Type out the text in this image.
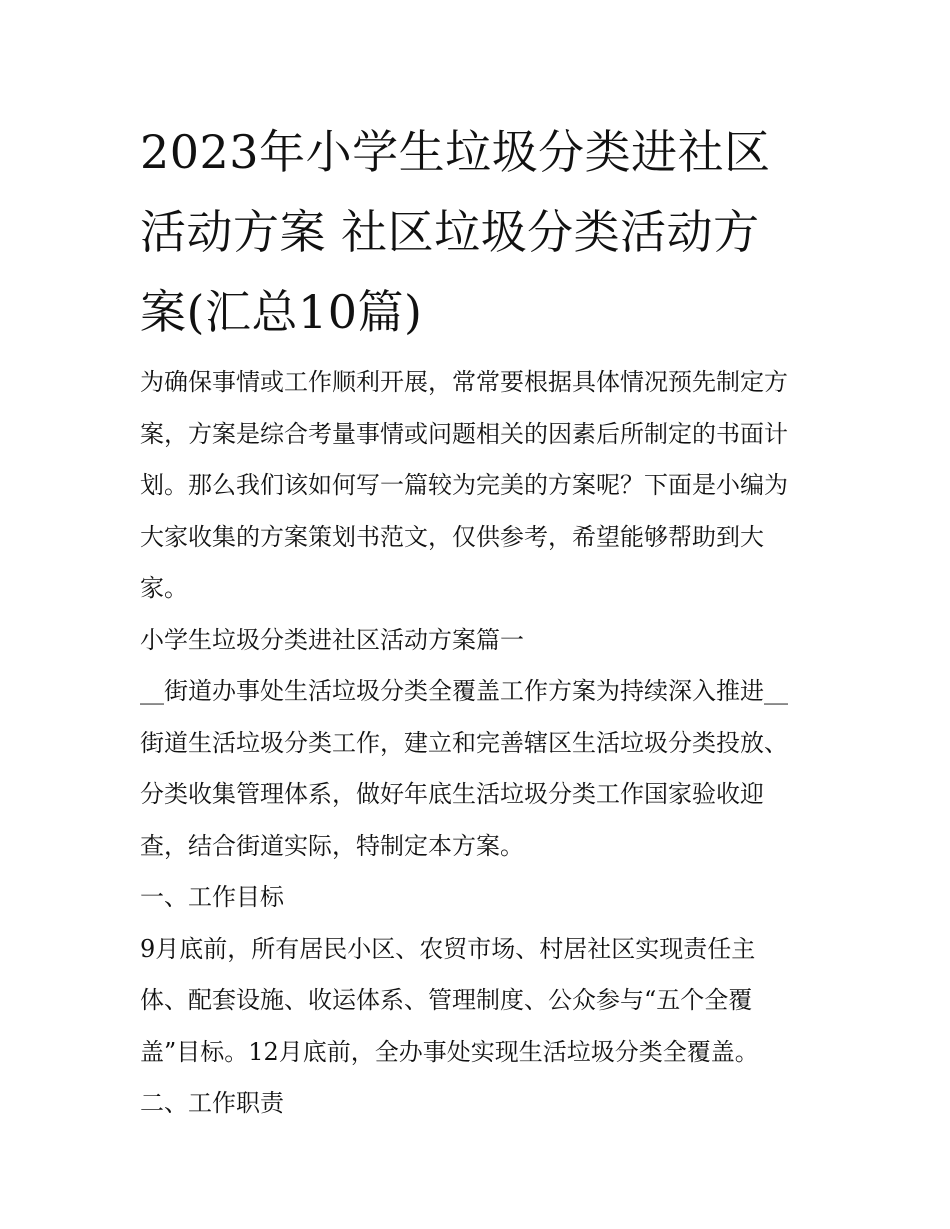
2023年小学生垃圾分类进社区
活动方案 社区垃圾分类活动方
案(汇总10篇)

为确保事情或工作顺利开展，常常要根据具体情况预先制定方
案，方案是综合考量事情或问题相关的因素后所制定的书面计
划。那么我们该如何写一篇较为完美的方案呢？下面是小编为
大家收集的方案策划书范文，仅供参考，希望能够帮助到大
家。

小学生垃圾分类进社区活动方案篇一

__街道办事处生活垃圾分类全覆盖工作方案为持续深入推进__
街道生活垃圾分类工作，建立和完善辖区生活垃圾分类投放、
分类收集管理体系，做好年底生活垃圾分类工作国家验收迎
查，结合街道实际，特制定本方案。

一、工作目标

9月底前，所有居民小区、农贸市场、村居社区实现责任主
体、配套设施、收运体系、管理制度、公众参与“五个全覆
盖”目标。12月底前，全办事处实现生活垃圾分类全覆盖。

二、工作职责
